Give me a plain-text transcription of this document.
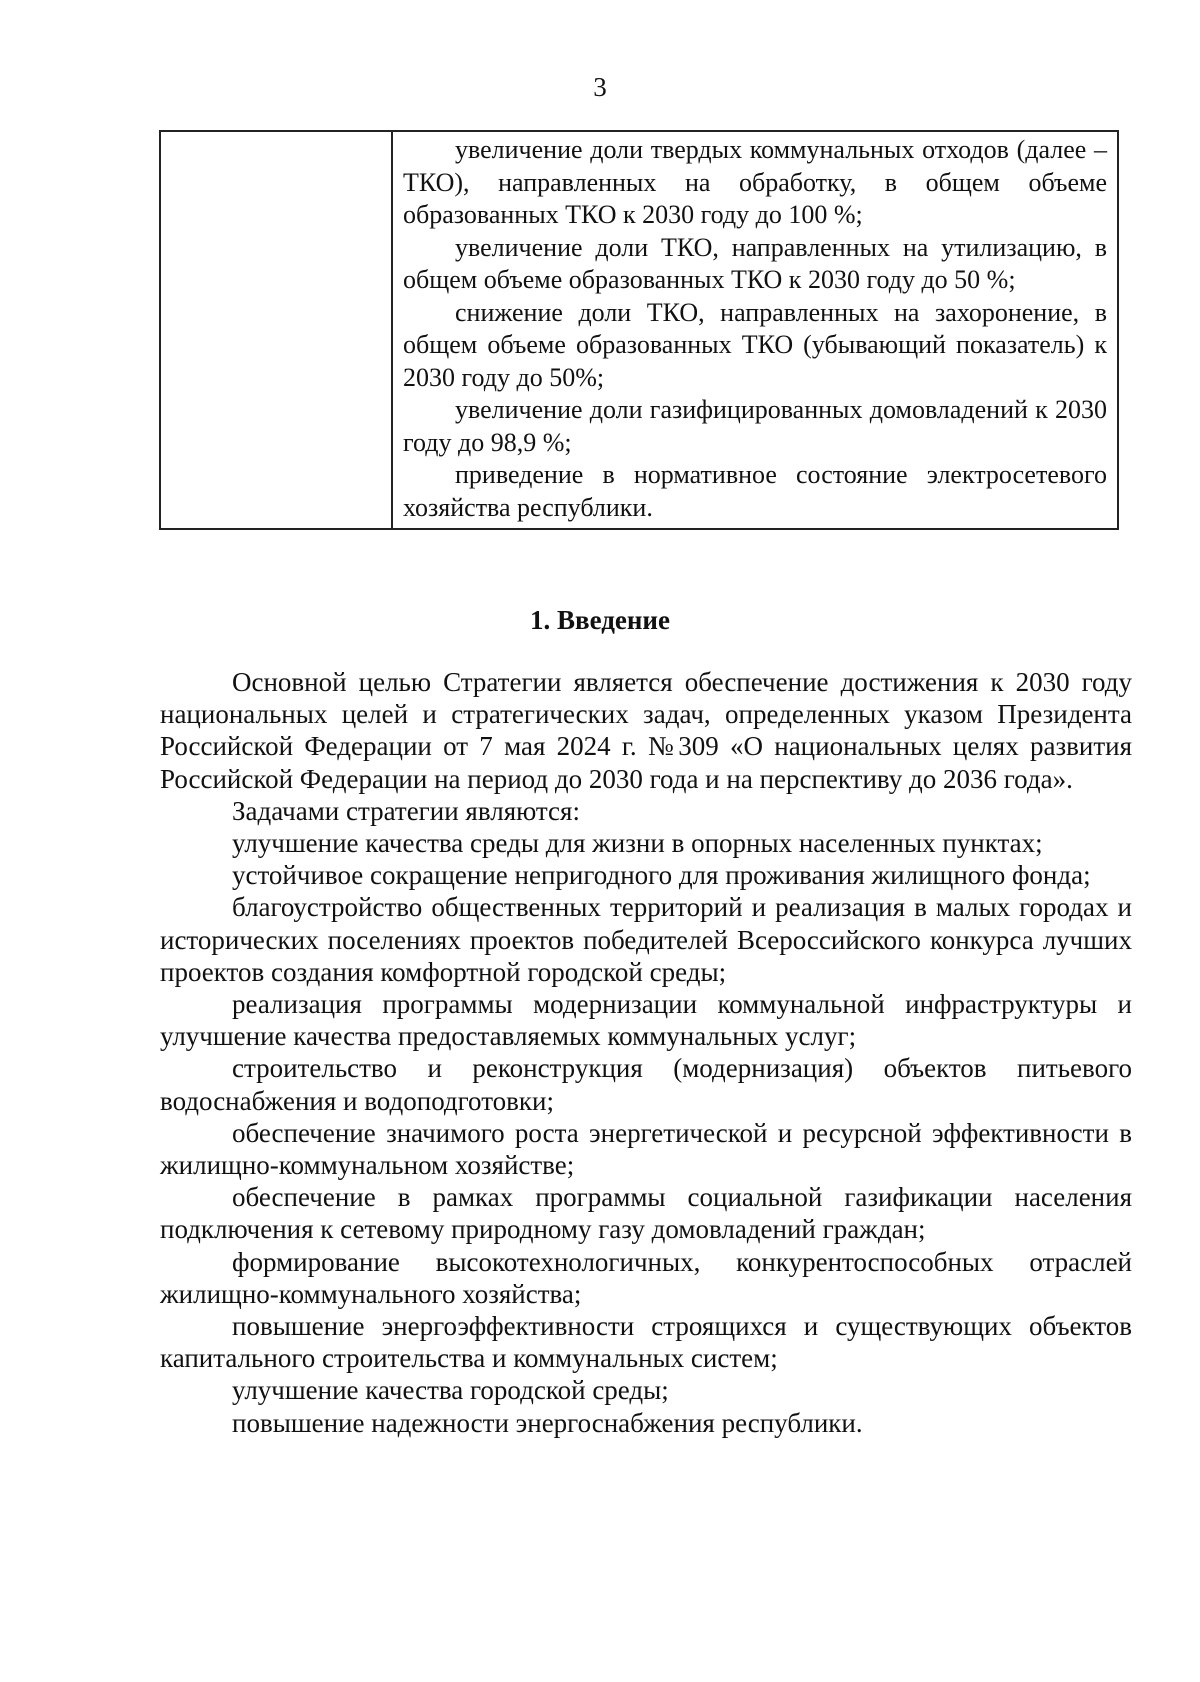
3

увеличение доли твердых коммунальных отходов (далее – ТКО), направленных на обработку, в общем объеме образованных ТКО к 2030 году до 100 %;

увеличение доли ТКО, направленных на утилизацию, в общем объеме образованных ТКО к 2030 году до 50 %;

снижение доли ТКО, направленных на захоронение, в общем объеме образованных ТКО (убывающий показатель) к 2030 году до 50%;

увеличение доли газифицированных домовладений к 2030 году до 98,9 %;

приведение в нормативное состояние электросетевого хозяйства республики.

1. Введение

Основной целью Стратегии является обеспечение достижения к 2030 году национальных целей и стратегических задач, определенных указом Президента Российской Федерации от 7 мая 2024 г. №309 «О национальных целях развития Российской Федерации на период до 2030 года и на перспективу до 2036 года».

Задачами стратегии являются:

улучшение качества среды для жизни в опорных населенных пунктах;

устойчивое сокращение непригодного для проживания жилищного фонда;

благоустройство общественных территорий и реализация в малых городах и исторических поселениях проектов победителей Всероссийского конкурса лучших проектов создания комфортной городской среды;

реализация программы модернизации коммунальной инфраструктуры и улучшение качества предоставляемых коммунальных услуг;

строительство и реконструкция (модернизация) объектов питьевого водоснабжения и водоподготовки;

обеспечение значимого роста энергетической и ресурсной эффективности в жилищно-коммунальном хозяйстве;

обеспечение в рамках программы социальной газификации населения подключения к сетевому природному газу домовладений граждан;

формирование высокотехнологичных, конкурентоспособных отраслей жилищно-коммунального хозяйства;

повышение энергоэффективности строящихся и существующих объектов капитального строительства и коммунальных систем;

улучшение качества городской среды;

повышение надежности энергоснабжения республики.
